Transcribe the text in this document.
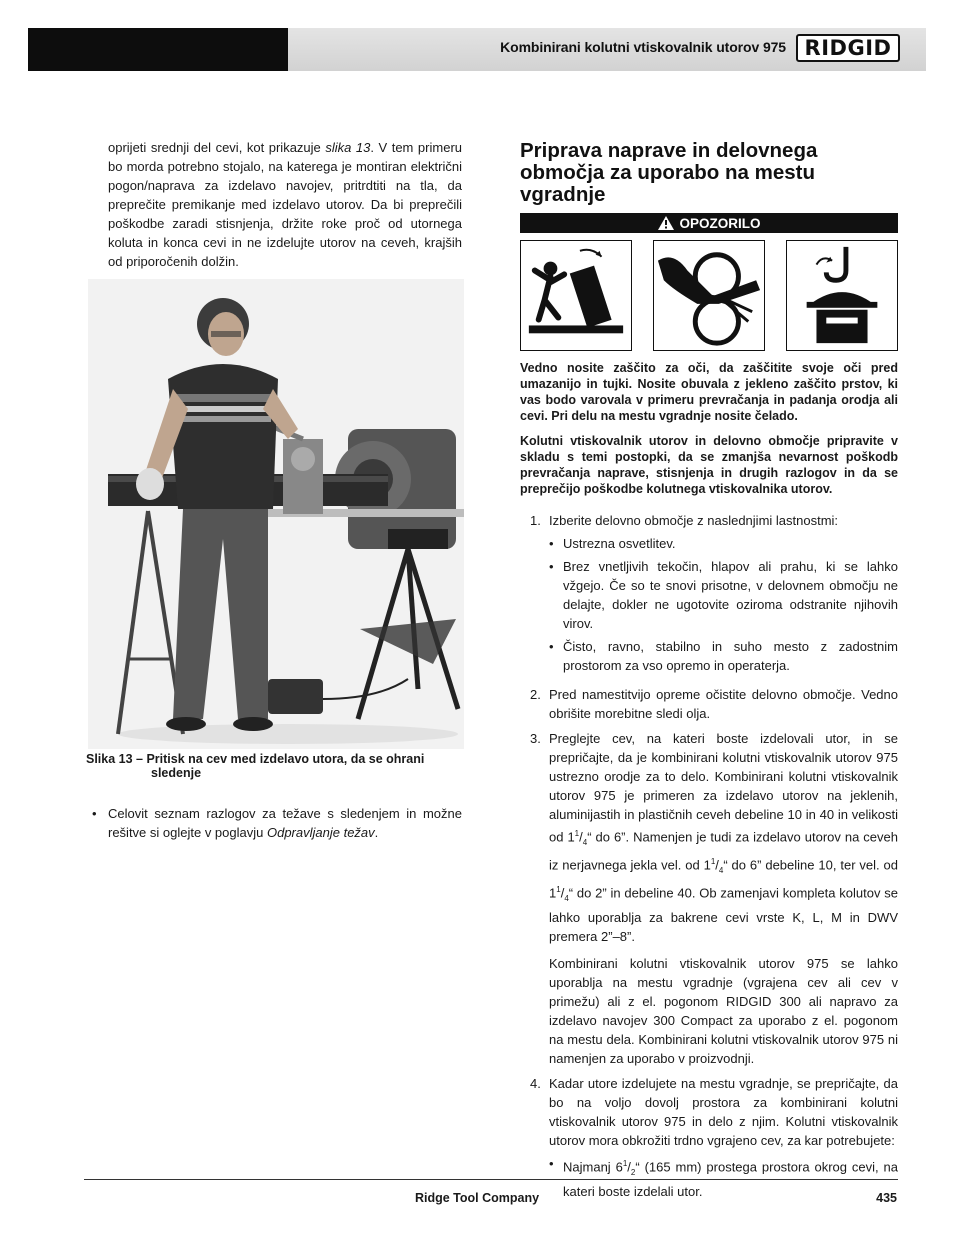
Kombinirani kolutni vtiskovalnik utorov 975 RIDGID
oprijeti srednji del cevi, kot prikazuje slika 13. V tem primeru bo morda potrebno stojalo, na katerega je montiran električni pogon/naprava za izdelavo navojev, pritrdtiti na tla, da preprečite premikanje med izdelavo utorov. Da bi preprečili poškodbe zaradi stisnjenja, držite roke proč od utornega koluta in konca cevi in ne izdelujte utorov na ceveh, krajših od priporočenih dolžin.
Slika 13 – Pritisk na cev med izdelavo utora, da se ohrani
sledenje
• Celovit seznam razlogov za težave s sledenjem in možne rešitve si oglejte v poglavju Odpravljanje težav.
Priprava naprave in delovnega območja za uporabo na mestu vgradnje
OPOZORILO

Vedno nosite zaščito za oči, da zaščitite svoje oči pred umazanijo in tujki. Nosite obuvala z jekleno zaščito prstov, ki vas bodo varovala v primeru prevračanja in padanja orodja ali cevi. Pri delu na mestu vgradnje nosite čelado.

Kolutni vtiskovalnik utorov in delovno območje pripravite v skladu s temi postopki, da se zmanjša nevarnost poškodb prevračanja naprave, stisnjenja in drugih razlogov in da se preprečijo poškodbe kolutnega vtiskovalnika utorov.

1. Izberite delovno območje z naslednjimi lastnostmi:
• Ustrezna osvetlitev.
• Brez vnetljivih tekočin, hlapov ali prahu, ki se lahko vžgejo. Če so te snovi prisotne, v delovnem območju ne delajte, dokler ne ugotovite oziroma odstranite njihovih virov.
• Čisto, ravno, stabilno in suho mesto z zadostnim prostorom za vso opremo in operaterja.
2. Pred namestitvijo opreme očistite delovno območje. Vedno obrišite morebitne sledi olja.
3. Preglejte cev, na kateri boste izdelovali utor, in se prepričajte, da je kombinirani kolutni vtiskovalnik utorov 975 ustrezno orodje za to delo. Kombinirani kolutni vtiskovalnik utorov 975 je primeren za izdelavo utorov na jeklenih, aluminijastih in plastičnih ceveh debeline 10 in 40 in velikosti od $1^1/_4“$ do 6”. Namenjen je tudi za izdelavo utorov na ceveh iz nerjavnega jekla vel. od $1^1/_4“$ do 6” debeline 10, ter vel. od $1^1/_4“$ do 2” in debeline 40. Ob zamenjavi kompleta kolutov se lahko uporablja za bakrene cevi vrste K, L, M in DWV premera 2”–8”.
Kombinirani kolutni vtiskovalnik utorov 975 se lahko uporablja na mestu vgradnje (vgrajena cev ali cev v primežu) ali z el. pogonom RIDGID 300 ali napravo za izdelavo navojev 300 Compact za uporabo z el. pogonom na mestu dela. Kombinirani kolutni vtiskovalnik utorov 975 ni namenjen za uporabo v proizvodnji.
4. Kadar utore izdelujete na mestu vgradnje, se prepričajte, da bo na voljo dovolj prostora za kombinirani kolutni vtiskovalnik utorov 975 in delo z njim. Kolutni vtiskovalnik utorov mora obkrožiti trdno vgrajeno cev, za kar potrebujete:
• Najmanj $6^1/_2“$ (165 mm) prostega prostora okrog cevi, na kateri boste izdelali utor.
Ridge Tool Company	435
